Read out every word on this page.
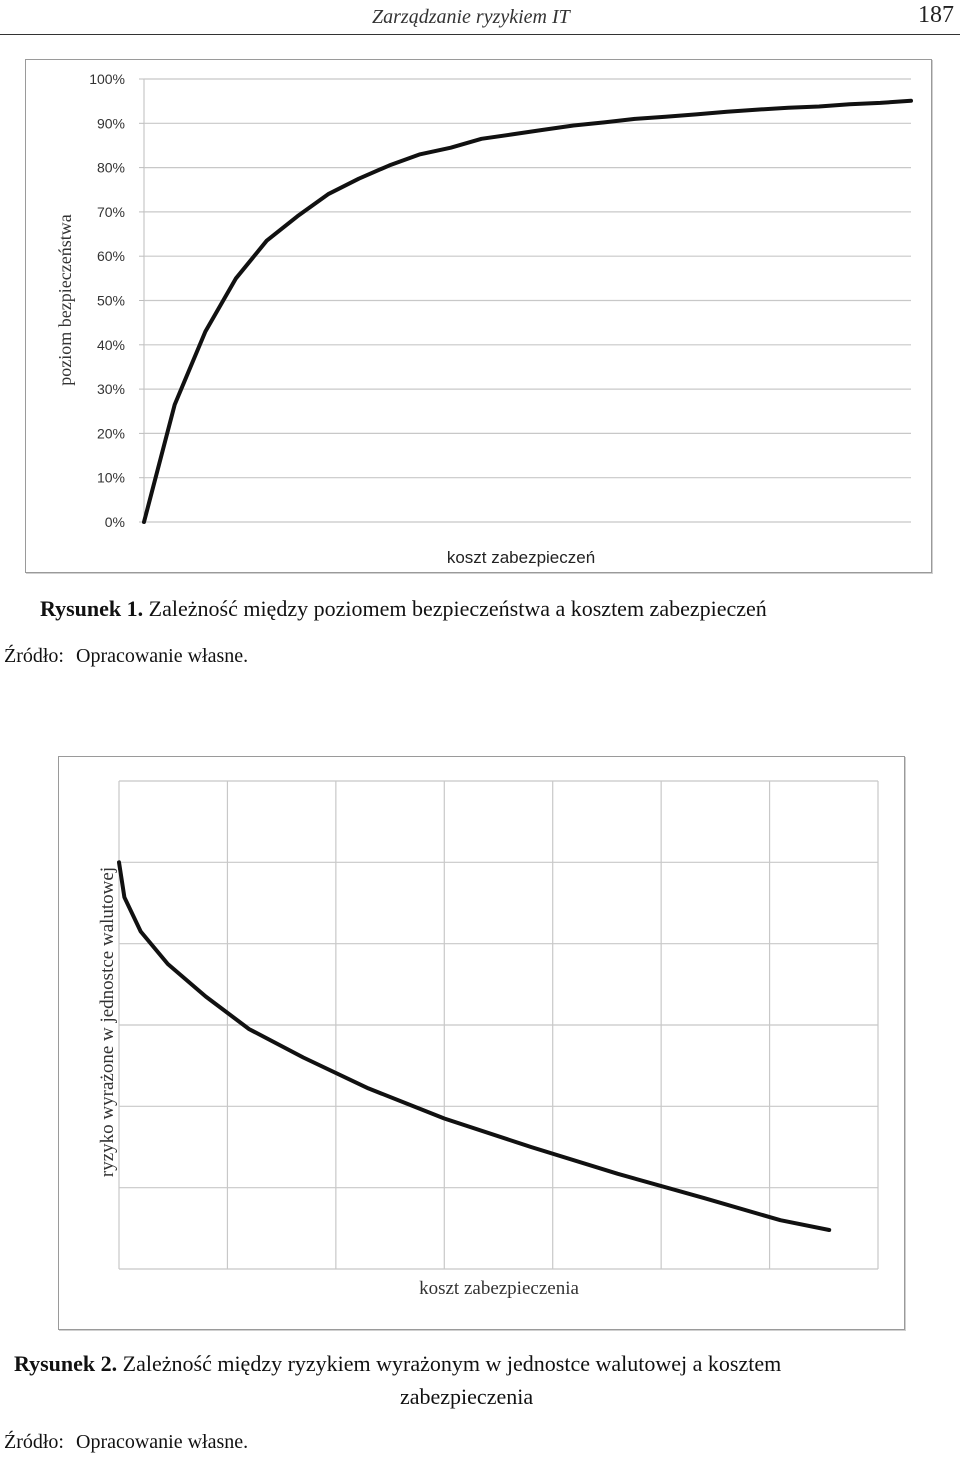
Zarządzanie ryzykiem IT	187
0%
10%
20%
30%
40%
50%
60%
70%
80%
90%
100%
poziom bezpieczeństwa
koszt zabezpieczeń
Rysunek 1. Zależność między poziomem bezpieczeństwa a kosztem zabezpieczeń
Źródło: Opracowanie własne.
ryzyko wyrażone w jednostce walutowej
koszt zabezpieczenia
Rysunek 2. Zależność między ryzykiem wyrażonym w jednostce walutowej a kosztem
zabezpieczenia
Źródło: Opracowanie własne.
